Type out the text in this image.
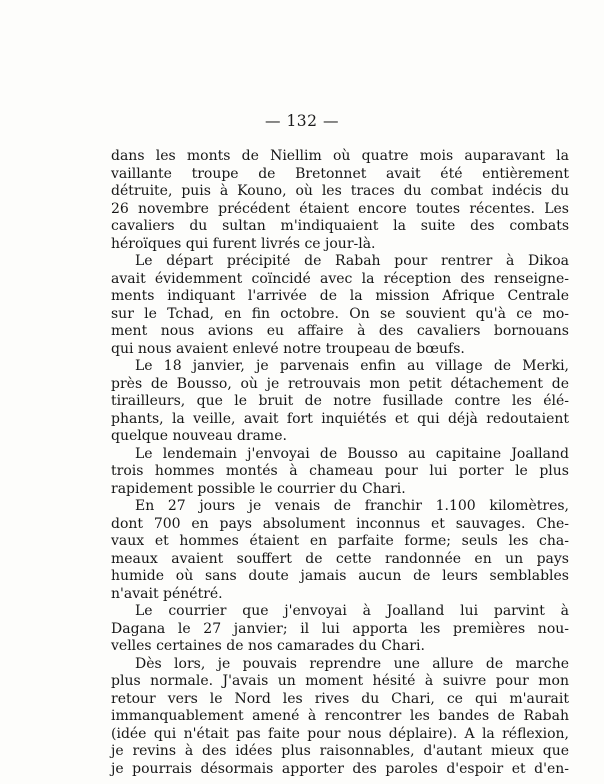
— 132 —
dans les monts de Niellim où quatre mois auparavant la
vaillante troupe de Bretonnet avait été entièrement
détruite, puis à Kouno, où les traces du combat indécis du
26 novembre précédent étaient encore toutes récentes. Les
cavaliers du sultan m'indiquaient la suite des combats
héroïques qui furent livrés ce jour-là.
Le départ précipité de Rabah pour rentrer à Dikoa
avait évidemment coïncidé avec la réception des renseigne-
ments indiquant l'arrivée de la mission Afrique Centrale
sur le Tchad, en fin octobre. On se souvient qu'à ce mo-
ment nous avions eu affaire à des cavaliers bornouans
qui nous avaient enlevé notre troupeau de bœufs.
Le 18 janvier, je parvenais enfin au village de Merki,
près de Bousso, où je retrouvais mon petit détachement de
tirailleurs, que le bruit de notre fusillade contre les élé-
phants, la veille, avait fort inquiétés et qui déjà redoutaient
quelque nouveau drame.
Le lendemain j'envoyai de Bousso au capitaine Joalland
trois hommes montés à chameau pour lui porter le plus
rapidement possible le courrier du Chari.
En 27 jours je venais de franchir 1.100 kilomètres,
dont 700 en pays absolument inconnus et sauvages. Che-
vaux et hommes étaient en parfaite forme; seuls les cha-
meaux avaient souffert de cette randonnée en un pays
humide où sans doute jamais aucun de leurs semblables
n'avait pénétré.
Le courrier que j'envoyai à Joalland lui parvint à
Dagana le 27 janvier; il lui apporta les premières nou-
velles certaines de nos camarades du Chari.
Dès lors, je pouvais reprendre une allure de marche
plus normale. J'avais un moment hésité à suivre pour mon
retour vers le Nord les rives du Chari, ce qui m'aurait
immanquablement amené à rencontrer les bandes de Rabah
(idée qui n'était pas faite pour nous déplaire). A la réflexion,
je revins à des idées plus raisonnables, d'autant mieux que
je pourrais désormais apporter des paroles d'espoir et d'en-
